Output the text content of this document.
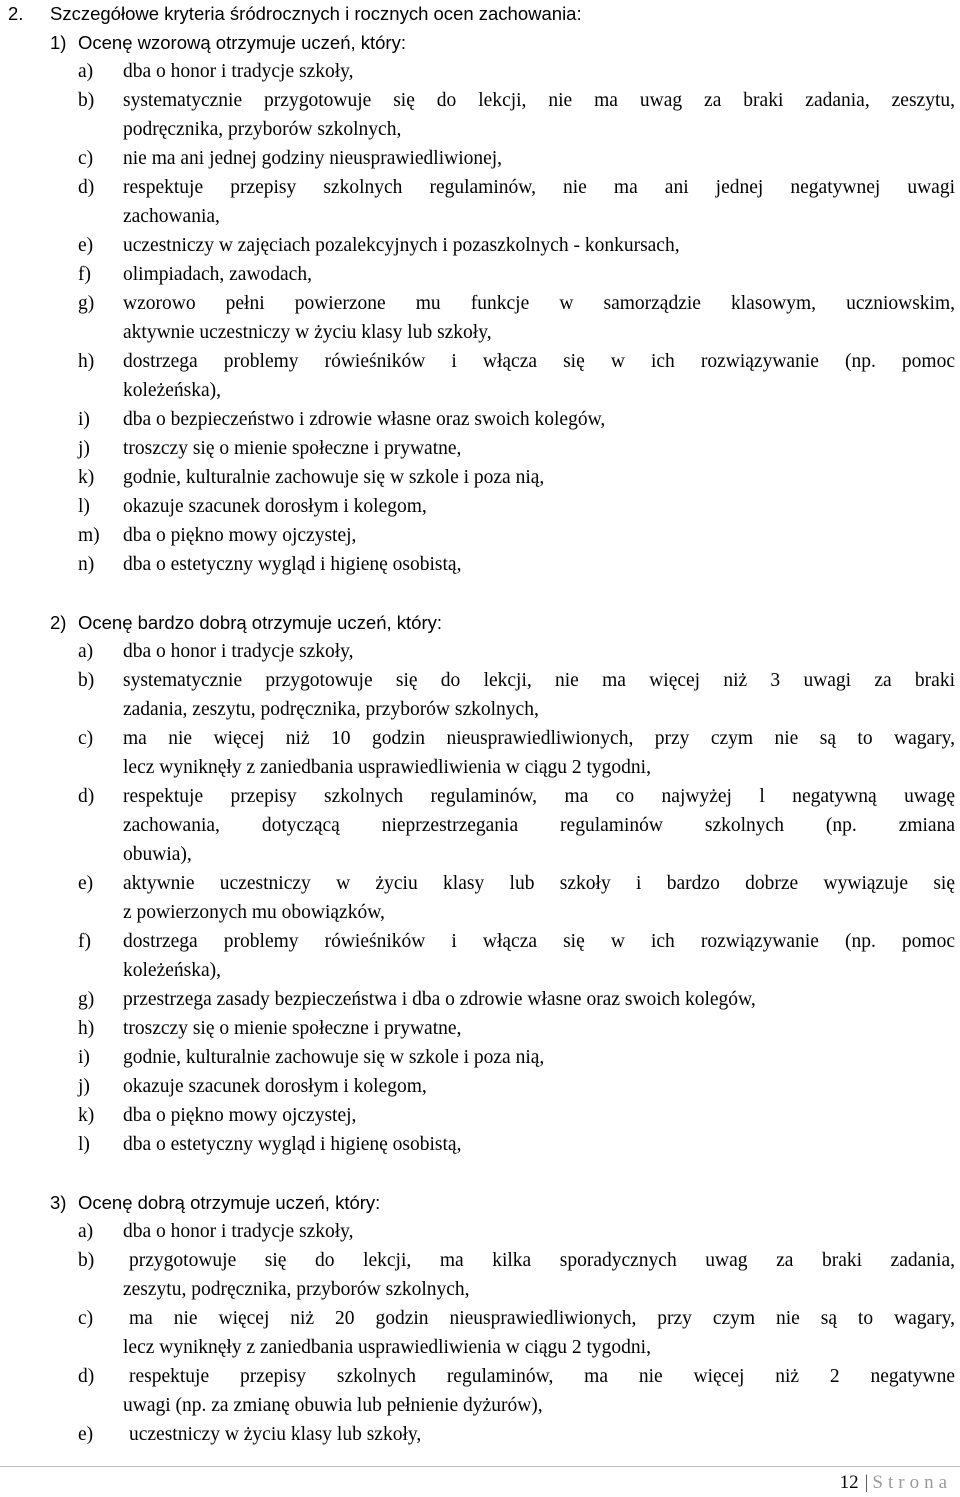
12 | Strona
2. Szczegółowe kryteria śródrocznych i rocznych ocen zachowania:
1) Ocenę wzorową otrzymuje uczeń, który:
a) dba o honor i tradycje szkoły,
b) systematycznie przygotowuje się do lekcji, nie ma uwag za braki zadania, zeszytu,
podręcznika, przyborów szkolnych,
c) nie ma ani jednej godziny nieusprawiedliwionej,
d) respektuje przepisy szkolnych regulaminów, nie ma ani jednej negatywnej uwagi
zachowania,
e) uczestniczy w zajęciach pozalekcyjnych i pozaszkolnych - konkursach,
f) olimpiadach, zawodach,
g) wzorowo pełni powierzone mu funkcje w samorządzie klasowym, uczniowskim,
aktywnie uczestniczy w życiu klasy lub szkoły,
h) dostrzega problemy rówieśników i włącza się w ich rozwiązywanie (np. pomoc
koleżeńska),
i) dba o bezpieczeństwo i zdrowie własne oraz swoich kolegów,
j) troszczy się o mienie społeczne i prywatne,
k) godnie, kulturalnie zachowuje się w szkole i poza nią,
l) okazuje szacunek dorosłym i kolegom,
m) dba o piękno mowy ojczystej,
n) dba o estetyczny wygląd i higienę osobistą,
2) Ocenę bardzo dobrą otrzymuje uczeń, który:
a) dba o honor i tradycje szkoły,
b) systematycznie przygotowuje się do lekcji, nie ma więcej niż 3 uwagi za braki
zadania, zeszytu, podręcznika, przyborów szkolnych,
c) ma nie więcej niż 10 godzin nieusprawiedliwionych, przy czym nie są to wagary,
lecz wyniknęły z zaniedbania usprawiedliwienia w ciągu 2 tygodni,
d) respektuje przepisy szkolnych regulaminów, ma co najwyżej l negatywną uwagę
zachowania, dotyczącą nieprzestrzegania regulaminów szkolnych (np. zmiana
obuwia),
e) aktywnie uczestniczy w życiu klasy lub szkoły i bardzo dobrze wywiązuje się
z powierzonych mu obowiązków,
f) dostrzega problemy rówieśników i włącza się w ich rozwiązywanie (np. pomoc
koleżeńska),
g) przestrzega zasady bezpieczeństwa i dba o zdrowie własne oraz swoich kolegów,
h) troszczy się o mienie społeczne i prywatne,
i) godnie, kulturalnie zachowuje się w szkole i poza nią,
j) okazuje szacunek dorosłym i kolegom,
k) dba o piękno mowy ojczystej,
l) dba o estetyczny wygląd i higienę osobistą,
3) Ocenę dobrą otrzymuje uczeń, który:
a) dba o honor i tradycje szkoły,
b) przygotowuje się do lekcji, ma kilka sporadycznych uwag za braki zadania,
zeszytu, podręcznika, przyborów szkolnych,
c) ma nie więcej niż 20 godzin nieusprawiedliwionych, przy czym nie są to wagary,
lecz wyniknęły z zaniedbania usprawiedliwienia w ciągu 2 tygodni,
d) respektuje przepisy szkolnych regulaminów, ma nie więcej niż 2 negatywne
uwagi (np. za zmianę obuwia lub pełnienie dyżurów),
e) uczestniczy w życiu klasy lub szkoły,
